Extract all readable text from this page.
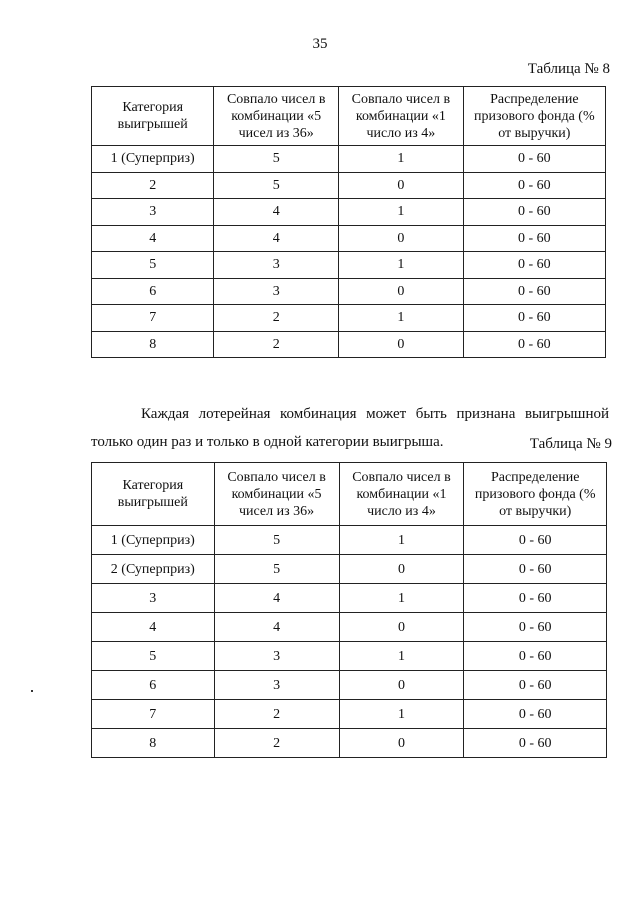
35
Таблица № 8
Категория выигрышей	Совпало чисел в комбинации «5 чисел из 36»	Совпало чисел в комбинации «1 число из 4»	Распределение призового фонда (% от выручки)
1 (Суперприз)	5	1	0 - 60
2	5	0	0 - 60
3	4	1	0 - 60
4	4	0	0 - 60
5	3	1	0 - 60
6	3	0	0 - 60
7	2	1	0 - 60
8	2	0	0 - 60

Каждая лотерейная комбинация может быть признана выигрышной только один раз и только в одной категории выигрыша.	Таблица № 9
Категория выигрышей	Совпало чисел в комбинации «5 чисел из 36»	Совпало чисел в комбинации «1 число из 4»	Распределение призового фонда (% от выручки)
1 (Суперприз)	5	1	0 - 60
2 (Суперприз)	5	0	0 - 60
3	4	1	0 - 60
4	4	0	0 - 60
5	3	1	0 - 60
6	3	0	0 - 60
7	2	1	0 - 60
8	2	0	0 - 60
